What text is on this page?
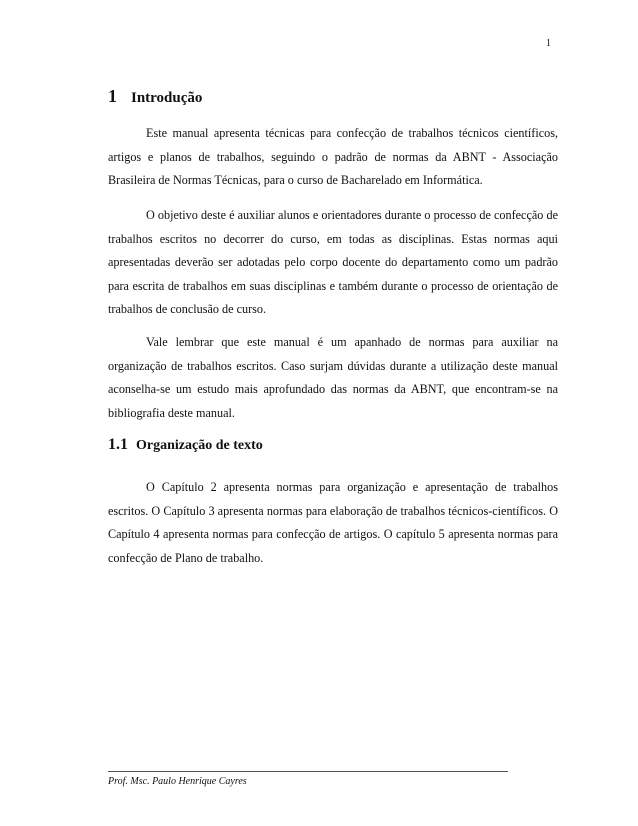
1
1 Introdução

Este manual apresenta técnicas para confecção de trabalhos técnicos científicos, artigos e planos de trabalhos, seguindo o padrão de normas da ABNT - Associação Brasileira de Normas Técnicas, para o curso de Bacharelado em Informática.

O objetivo deste é auxiliar alunos e orientadores durante o processo de confecção de trabalhos escritos no decorrer do curso, em todas as disciplinas. Estas normas aqui apresentadas deverão ser adotadas pelo corpo docente do departamento como um padrão para escrita de trabalhos em suas disciplinas e também durante o processo de orientação de trabalhos de conclusão de curso.

Vale lembrar que este manual é um apanhado de normas para auxiliar na organização de trabalhos escritos. Caso surjam dúvidas durante a utilização deste manual aconselha-se um estudo mais aprofundado das normas da ABNT, que encontram-se na bibliografia deste manual.

1.1 Organização de texto

O Capítulo 2 apresenta normas para organização e apresentação de trabalhos escritos. O Capítulo 3 apresenta normas para elaboração de trabalhos técnicos-científicos. O Capítulo 4 apresenta normas para confecção de artigos. O capítulo 5 apresenta normas para confecção de Plano de trabalho.

Prof. Msc. Paulo Henrique Cayres
